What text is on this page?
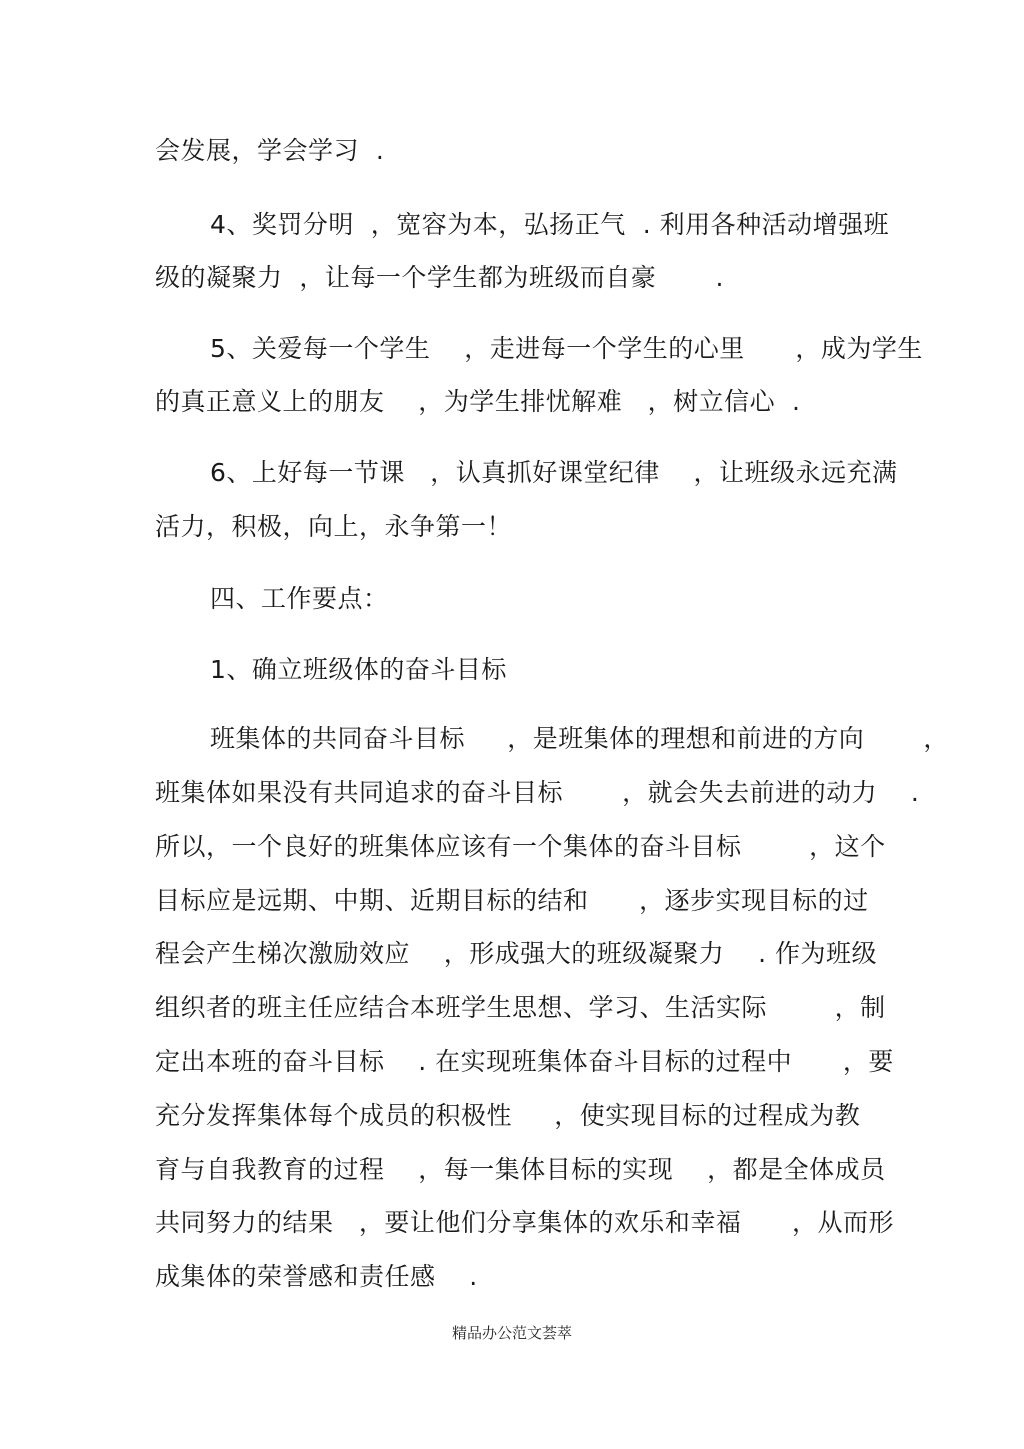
会发展，学会学习  .
4、奖罚分明  ，宽容为本，弘扬正气  . 利用各种活动增强班
级的凝聚力  ，让每一个学生都为班级而自豪       .
5、关爱每一个学生    ，走进每一个学生的心里      ，成为学生
的真正意义上的朋友    ，为学生排忧解难   ，树立信心  .
6、上好每一节课   ，认真抓好课堂纪律    ，让班级永远充满
活力，积极，向上，永争第一！
四、工作要点：
1、确立班级体的奋斗目标
班集体的共同奋斗目标     ，是班集体的理想和前进的方向       ，
班集体如果没有共同追求的奋斗目标       ，就会失去前进的动力    .
所以，一个良好的班集体应该有一个集体的奋斗目标        ，这个
目标应是远期、中期、近期目标的结和      ，逐步实现目标的过
程会产生梯次激励效应    ，形成强大的班级凝聚力    . 作为班级
组织者的班主任应结合本班学生思想、学习、生活实际        ，制
定出本班的奋斗目标    . 在实现班集体奋斗目标的过程中      ，要
充分发挥集体每个成员的积极性     ，使实现目标的过程成为教
育与自我教育的过程    ，每一集体目标的实现    ，都是全体成员
共同努力的结果   ，要让他们分享集体的欢乐和幸福      ，从而形
成集体的荣誉感和责任感    .
精品办公范文荟萃
